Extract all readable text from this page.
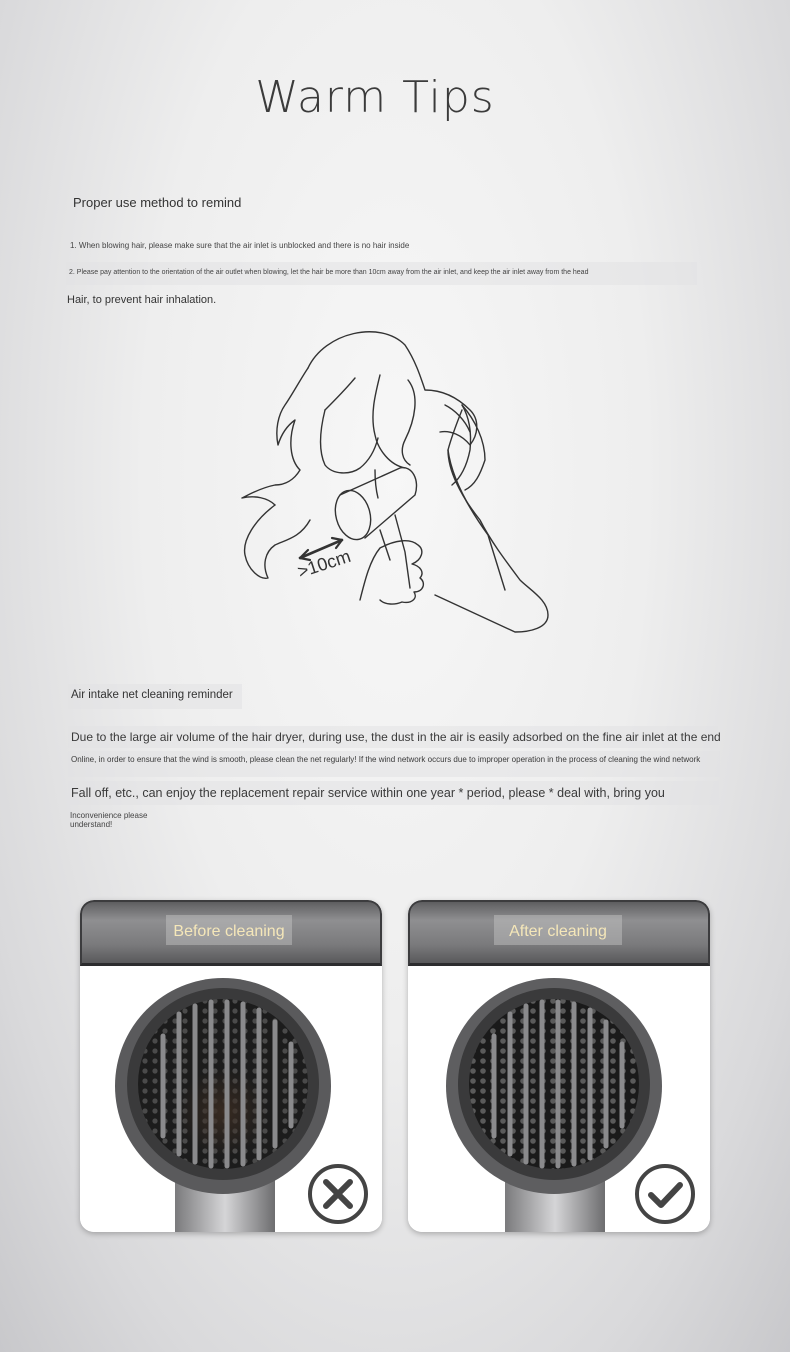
Warm Tips
Proper use method to remind
1. When blowing hair, please make sure that the air inlet is unblocked and there is no hair inside
2. Please pay attention to the orientation of the air outlet when blowing, let the hair be more than 10cm away from the air inlet, and keep the air inlet away from the head
Hair, to prevent hair inhalation.
>10cm
Air intake net cleaning reminder
Due to the large air volume of the hair dryer, during use, the dust in the air is easily adsorbed on the fine air inlet at the end
Online, in order to ensure that the wind is smooth, please clean the net regularly! If the wind network occurs due to improper operation in the process of cleaning the wind network
Fall off, etc., can enjoy the replacement repair service within one year * period, please * deal with, bring you
Inconvenience please understand!
Before cleaning	After cleaning
